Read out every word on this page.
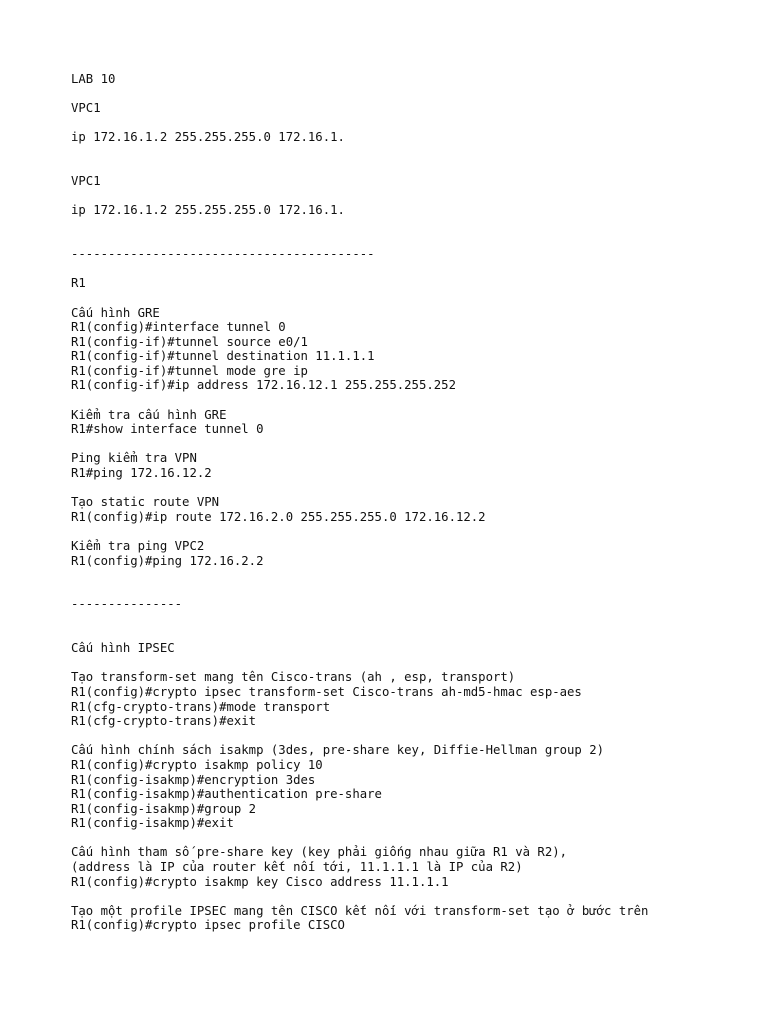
LAB 10
VPC1
ip 172.16.1.2 255.255.255.0 172.16.1.
VPC1
ip 172.16.1.2 255.255.255.0 172.16.1.
-----------------------------------------
R1
Cấu hình GRE
R1(config)#interface tunnel 0
R1(config-if)#tunnel source e0/1
R1(config-if)#tunnel destination 11.1.1.1
R1(config-if)#tunnel mode gre ip
R1(config-if)#ip address 172.16.12.1 255.255.255.252
Kiểm tra cấu hình GRE
R1#show interface tunnel 0
Ping kiểm tra VPN
R1#ping 172.16.12.2
Tạo static route VPN
R1(config)#ip route 172.16.2.0 255.255.255.0 172.16.12.2
Kiểm tra ping VPC2
R1(config)#ping 172.16.2.2
---------------
Cấu hình IPSEC
Tạo transform-set mang tên Cisco-trans (ah , esp, transport)
R1(config)#crypto ipsec transform-set Cisco-trans ah-md5-hmac esp-aes
R1(cfg-crypto-trans)#mode transport
R1(cfg-crypto-trans)#exit
Cấu hình chính sách isakmp (3des, pre-share key, Diffie-Hellman group 2)
R1(config)#crypto isakmp policy 10
R1(config-isakmp)#encryption 3des
R1(config-isakmp)#authentication pre-share
R1(config-isakmp)#group 2
R1(config-isakmp)#exit
Cấu hình tham số pre-share key (key phải giống nhau giữa R1 và R2),
(address là IP của router kết nối tới, 11.1.1.1 là IP của R2)
R1(config)#crypto isakmp key Cisco address 11.1.1.1
Tạo một profile IPSEC mang tên CISCO kết nối với transform-set tạo ở bước trên
R1(config)#crypto ipsec profile CISCO
